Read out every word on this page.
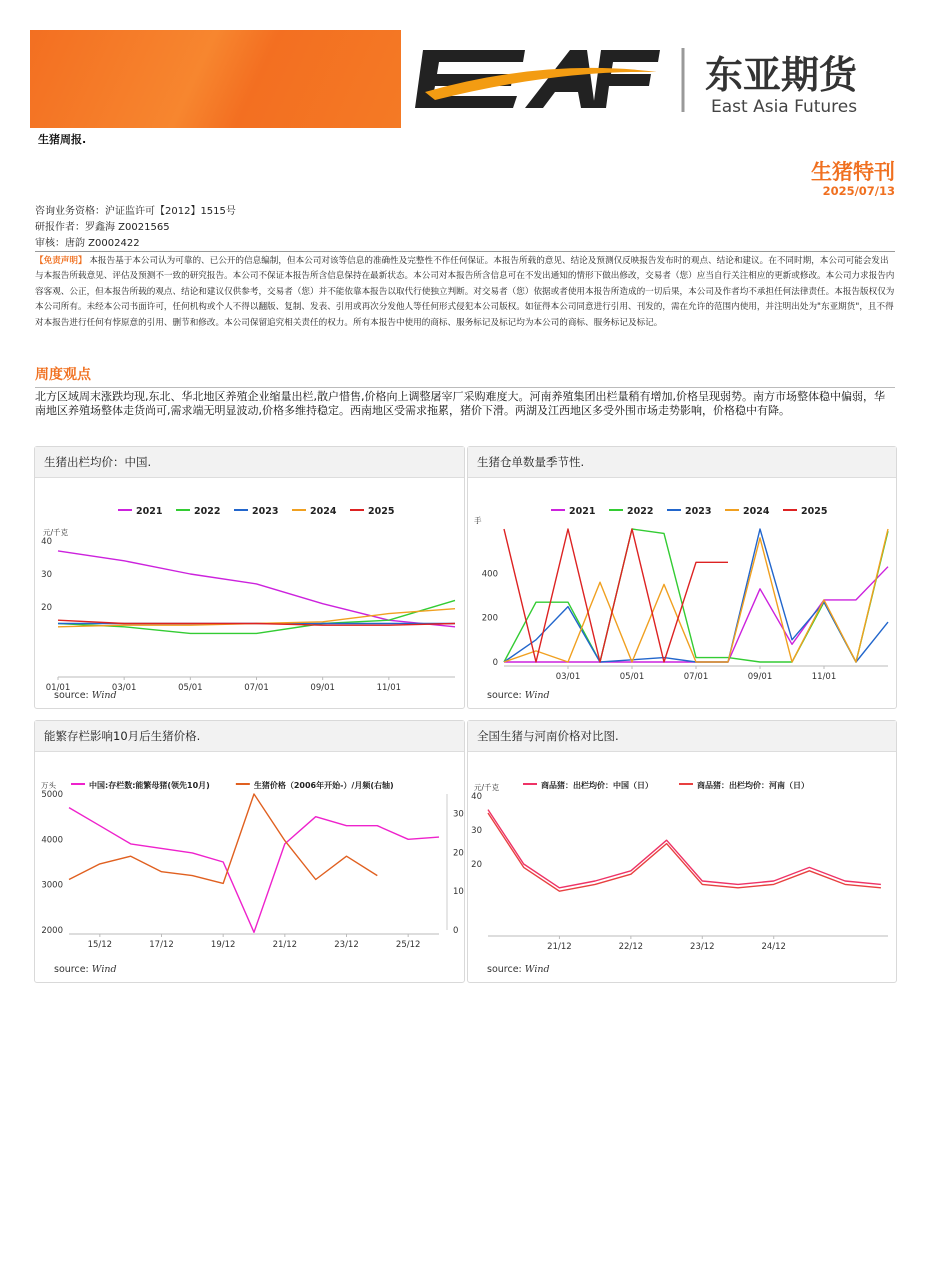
东亚期货
East Asia Futures
生猪周报.
生猪特刊
2025/07/13
咨询业务资格：沪证监许可【2012】1515号
研报作者：罗鑫海 Z0021565
审核：唐韵 Z0002422
【免责声明】 本报告基于本公司认为可靠的、已公开的信息编制，但本公司对该等信息的准确性及完整性不作任何保证。本报告所载的意见、结论及预测仅反映报告发布时的观点、结论和建议。在不同时期，本公司可能会发出与本报告所载意见、评估及预测不一致的研究报告。本公司不保证本报告所含信息保持在最新状态。本公司对本报告所含信息可在不发出通知的情形下做出修改，交易者（您）应当自行关注相应的更新或修改。本公司力求报告内容客观、公正，但本报告所载的观点、结论和建议仅供参考，交易者（您）并不能依靠本报告以取代行使独立判断。对交易者（您）依据或者使用本报告所造成的一切后果，本公司及作者均不承担任何法律责任。本报告版权仅为本公司所有。未经本公司书面许可，任何机构或个人不得以翻版、复制、发表、引用或再次分发他人等任何形式侵犯本公司版权。如征得本公司同意进行引用、刊发的，需在允许的范围内使用，并注明出处为"东亚期货"，且不得对本报告进行任何有悖原意的引用、删节和修改。本公司保留追究相关责任的权力。所有本报告中使用的商标、服务标记及标记均为本公司的商标、服务标记及标记。
周度观点
北方区域周末涨跌均现,东北、华北地区养殖企业缩量出栏,散户惜售,价格向上调整屠宰厂采购难度大。河南养殖集团出栏量稍有增加,价格呈现弱势。南方市场整体稳中偏弱，华南地区养殖场整体走货尚可,需求端无明显波动,价格多维持稳定。西南地区受需求拖累，猪价下滑。两湖及江西地区多受外围市场走势影响，价格稳中有降。
生猪出栏均价：中国.
2021	2022	2023	2024	2025
元/千克
20
30
40
01/01	03/01	05/01	07/01	09/01	11/01
source: Wind
生猪仓单数量季节性.
2021	2022	2023	2024	2025
手
0
200
400
03/01	05/01	07/01	09/01	11/01
source: Wind
能繁存栏影响10月后生猪价格.
中国:存栏数:能繁母猪(领先10月)	生猪价格（2006年开始-）/月频(右轴)
万头
2000
3000
4000
5000
0
10
20
30
15/12	17/12	19/12	21/12	23/12	25/12
source: Wind
全国生猪与河南价格对比图.
商品猪：出栏均价：中国（日）	商品猪：出栏均价：河南（日）
元/千克
20
30
40
21/12	22/12	23/12	24/12
source: Wind
